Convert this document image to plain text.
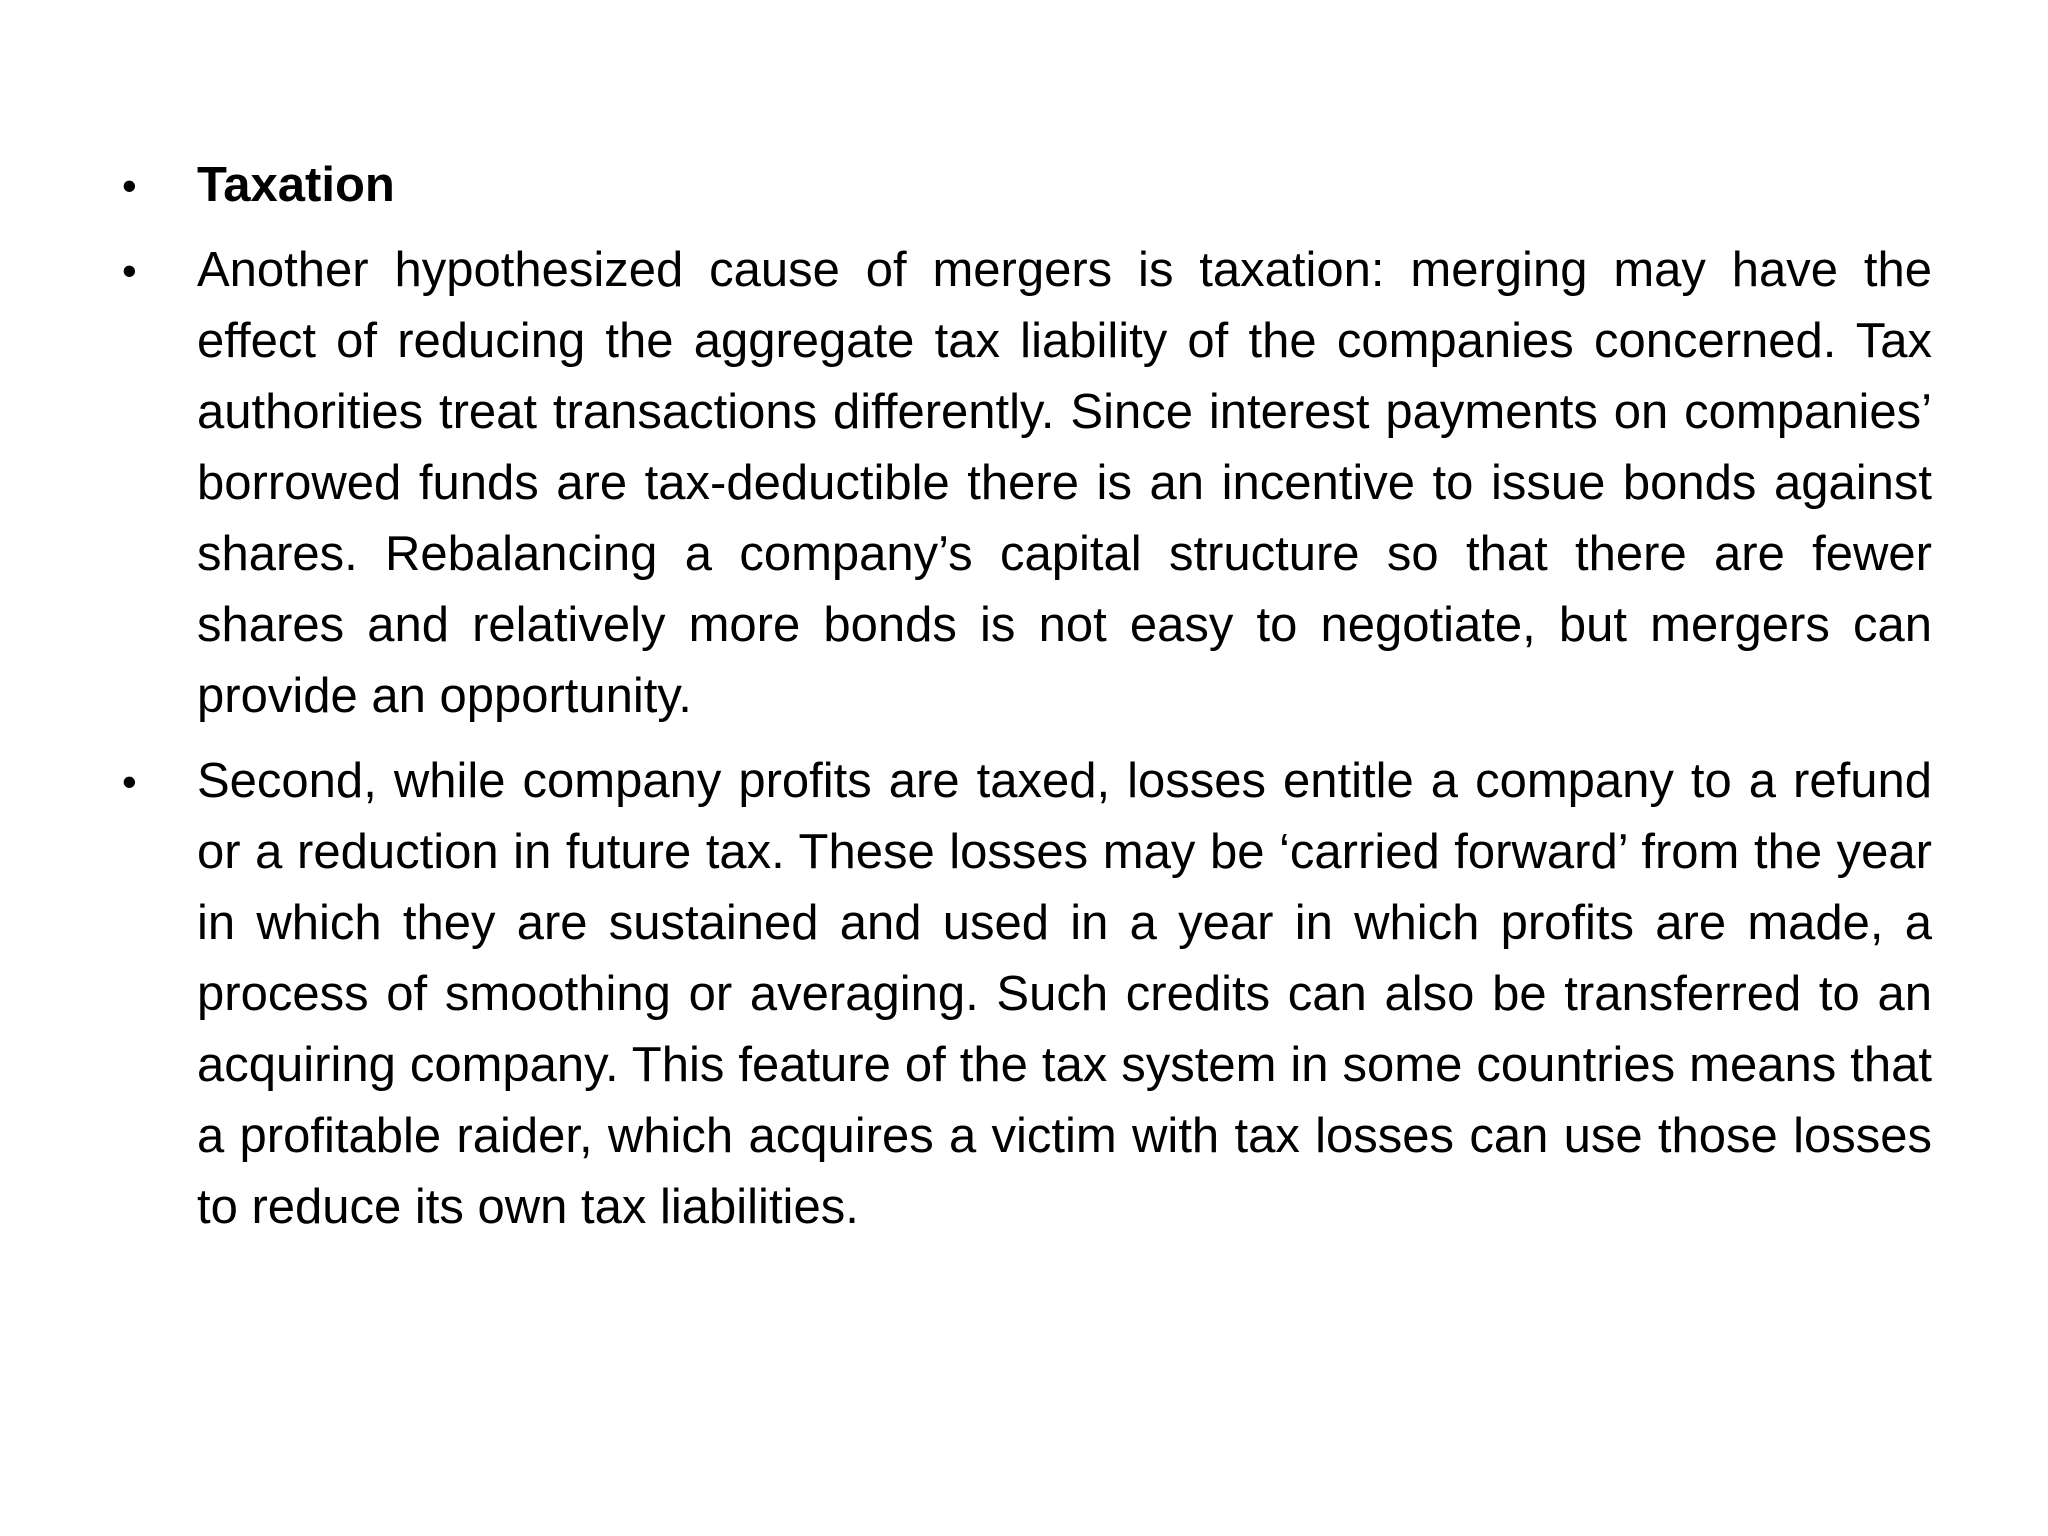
• Taxation
• Another hypothesized cause of mergers is taxation: merging may have the effect of reducing the aggregate tax liability of the companies concerned. Tax authorities treat transactions differently. Since interest payments on companies’ borrowed funds are tax-deductible there is an incentive to issue bonds against shares. Rebalancing a company’s capital structure so that there are fewer shares and relatively more bonds is not easy to negotiate, but mergers can provide an opportunity.
• Second, while company profits are taxed, losses entitle a company to a refund or a reduction in future tax. These losses may be ‘carried forward’ from the year in which they are sustained and used in a year in which profits are made, a process of smoothing or averaging. Such credits can also be transferred to an acquiring company. This feature of the tax system in some countries means that a profitable raider, which acquires a victim with tax losses can use those losses to reduce its own tax liabilities.
